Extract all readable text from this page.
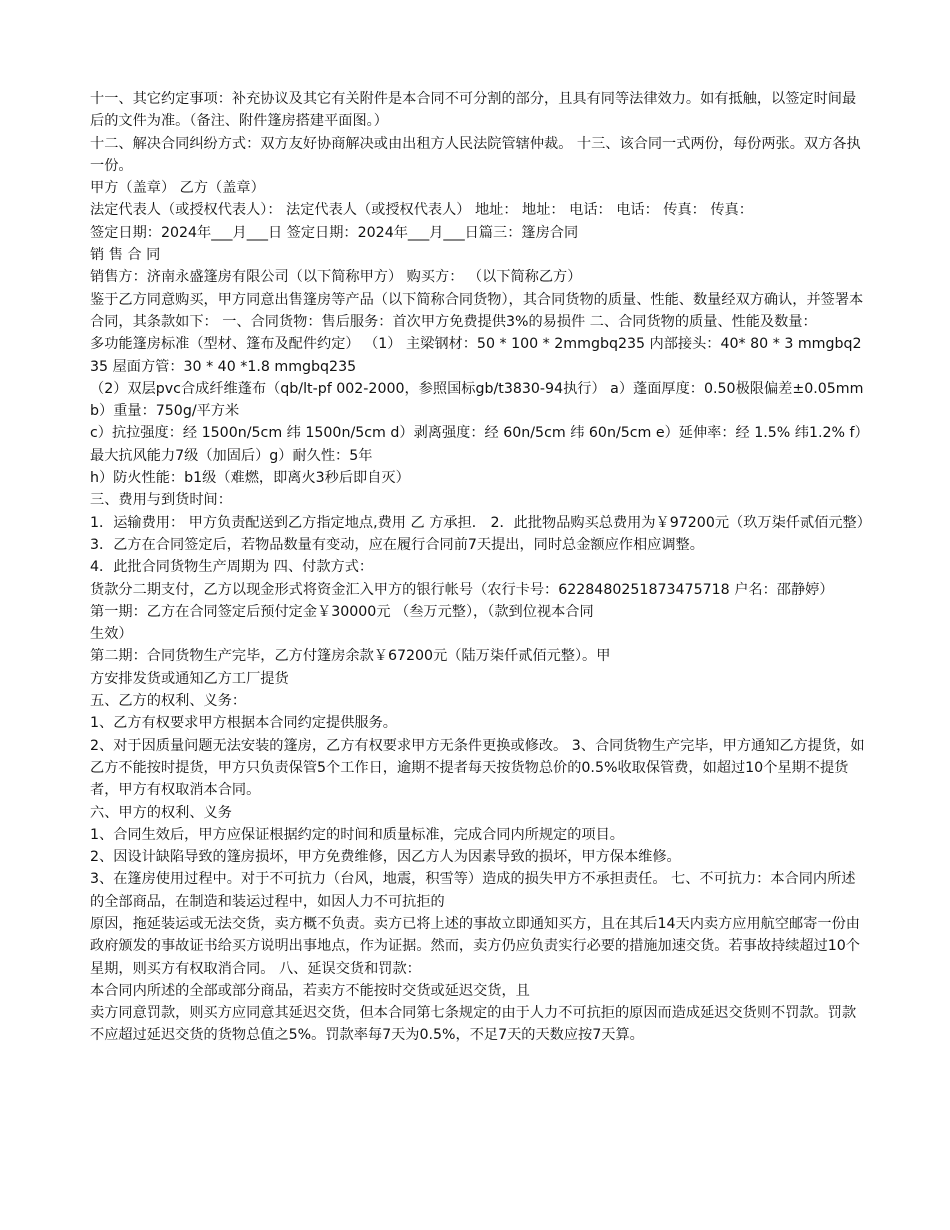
十一、其它约定事项：补充协议及其它有关附件是本合同不可分割的部分，且具有同等法律效力。如有抵触，以签定时间最后的文件为准。（备注、附件篷房搭建平面图。）

十二、解决合同纠纷方式：双方友好协商解决或由出租方人民法院管辖仲裁。 十三、该合同一式两份，每份两张。双方各执一份。

甲方（盖章） 乙方（盖章）

法定代表人（或授权代表人）： 法定代表人（或授权代表人） 地址： 地址： 电话： 电话： 传真： 传真：

签定日期：2024年___月___日 签定日期：2024年___月___日篇三：篷房合同

销 售 合 同

销售方：济南永盛篷房有限公司（以下简称甲方） 购买方： （以下简称乙方）

鉴于乙方同意购买，甲方同意出售篷房等产品（以下简称合同货物），其合同货物的质量、性能、数量经双方确认，并签署本合同，其条款如下： 一、合同货物：售后服务：首次甲方免费提供3%的易损件 二、合同货物的质量、性能及数量：

多功能篷房标准（型材、篷布及配件约定） （1） 主梁钢材：50 * 100 * 2mmgbq235 内部接头：40* 80 * 3 mmgbq235 屋面方管：30 * 40 *1.8 mmgbq235

（2）双层pvc合成纤维蓬布（qb/lt-pf 002-2000，参照国标gb/t3830-94执行） a）蓬面厚度：0.50极限偏差±0.05mm b）重量：750g/平方米

c）抗拉强度：经 1500n/5cm 纬 1500n/5cm d）剥离强度：经 60n/5cm 纬 60n/5cm e）延伸率：经 1.5% 纬1.2% f）最大抗风能力7级（加固后）g）耐久性：5年

h）防火性能：b1级（难燃，即离火3秒后即自灭）

三、费用与到货时间：

1．运输费用： 甲方负责配送到乙方指定地点,费用 乙 方承担． 2．此批物品购买总费用为￥97200元（玖万柒仟贰佰元整）

3．乙方在合同签定后，若物品数量有变动，应在履行合同前7天提出，同时总金额应作相应调整。

4．此批合同货物生产周期为 四、付款方式：

货款分二期支付，乙方以现金形式将资金汇入甲方的银行帐号（农行卡号：6228480251873475718 户名：邵静婷）

第一期：乙方在合同签定后预付定金￥30000元 （叁万元整），（款到位视本合同

生效）

第二期：合同货物生产完毕，乙方付篷房余款￥67200元（陆万柒仟贰佰元整）。甲

方安排发货或通知乙方工厂提货

五、乙方的权利、义务：

1、乙方有权要求甲方根据本合同约定提供服务。

2、对于因质量问题无法安装的篷房，乙方有权要求甲方无条件更换或修改。 3、合同货物生产完毕，甲方通知乙方提货，如乙方不能按时提货，甲方只负责保管5个工作日，逾期不提者每天按货物总价的0.5%收取保管费，如超过10个星期不提货者，甲方有权取消本合同。

六、甲方的权利、义务

1、合同生效后，甲方应保证根据约定的时间和质量标准，完成合同内所规定的项目。

2、因设计缺陷导致的篷房损坏，甲方免费维修，因乙方人为因素导致的损坏，甲方保本维修。

3、在篷房使用过程中。对于不可抗力（台风，地震，积雪等）造成的损失甲方不承担责任。 七、不可抗力：本合同内所述的全部商品，在制造和装运过程中，如因人力不可抗拒的

原因，拖延装运或无法交货，卖方概不负责。卖方已将上述的事故立即通知买方，且在其后14天内卖方应用航空邮寄一份由政府颁发的事故证书给买方说明出事地点，作为证据。然而，卖方仍应负责实行必要的措施加速交货。若事故持续超过10个星期，则买方有权取消合同。 八、延误交货和罚款：

本合同内所述的全部或部分商品，若卖方不能按时交货或延迟交货，且

卖方同意罚款，则买方应同意其延迟交货，但本合同第七条规定的由于人力不可抗拒的原因而造成延迟交货则不罚款。罚款不应超过延迟交货的货物总值之5%。罚款率每7天为0.5%，不足7天的天数应按7天算。
